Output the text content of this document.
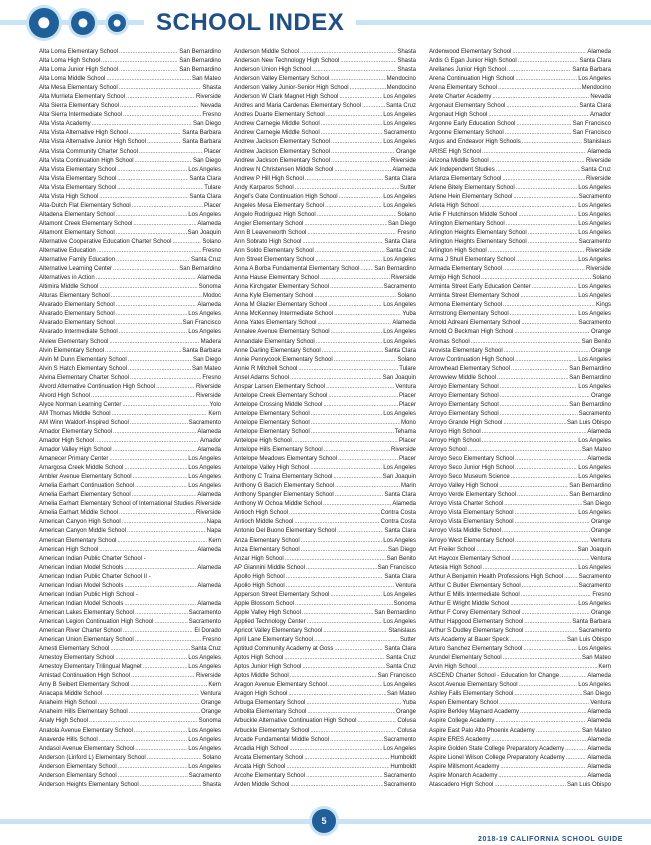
SCHOOL INDEX
Alta Loma Elementary School .....	San Bernardino
Alta Loma High School .....	San Bernardino
Alta Loma Junior High School .....	San Bernardino
Alta Loma Middle School .....	San Mateo
Alta Mesa Elementary School .....	Shasta
Alta Murrieta Elementary School .....	Riverside
Alta Sierra Elementary School .....	Nevada
Alta Sierra Intermediate School .....	Fresno
Alta Vista Academy .....	San Diego
Alta Vista Alternative High School .....	Santa Barbara
Alta Vista Alternative Junior High School .....	Santa Barbara
Alta Vista Community Charter School .....	Placer
Alta Vista Continuation High School .....	San Diego
Alta Vista Elementary School .....	Los Angeles
Alta Vista Elementary School .....	Santa Clara
Alta Vista Elementary School .....	Tulare
Alta Vista High School .....	Santa Clara
Alta-Dutch Flat Elementary School .....	Placer
Altadena Elementary School .....	Los Angeles
Altamont Creek Elementary School .....	Alameda
Altamont Elementary School .....	San Joaquin
Alternative Cooperative Education Charter School .....	Solano
Alternative Education .....	Fresno
Alternative Family Education .....	Santa Cruz
Alternative Learning Center .....	San Bernardino
Alternatives in Action .....	Alameda
Altimira Middle School .....	Sonoma
Alturas Elementary School .....	Modoc
Alvarado Elementary School .....	Alameda
Alvarado Elementary School .....	Los Angeles
Alvarado Elementary School .....	San Francisco
Alvarado Intermediate School .....	Los Angeles
Alview Elementary School .....	Madera
Alvin Elementary School .....	Santa Barbara
Alvin M Dunn Elementary School .....	San Diego
Alvin S Hatch Elementary School .....	San Mateo
Alvina Elementary Charter School .....	Fresno
Alvord Alternative Continuation High School .....	Riverside
Alvord High School .....	Riverside
Alyce Norman Learning Center .....	Yolo
AM Thomas Middle School .....	Kern
AM Winn Waldorf-Inspired School .....	Sacramento
Amador Elementary School .....	Alameda
Amador High School .....	Amador
Amador Valley High School .....	Alameda
Amanecer Primary Center .....	Los Angeles
Amargosa Creek Middle School .....	Los Angeles
Ambler Avenue Elementary School .....	Los Angeles
Amelia Earhart Continuation School .....	Los Angeles
Amelia Earhart Elementary School .....	Alameda
Amelia Earhart Elementary School of International Studies ..... Riverside
Amelia Earhart Middle School .....	Riverside
American Canyon High School .....	Napa
American Canyon Middle School .....	Napa
American Elementary School .....	Kern
American High School .....	Alameda
American Indian Public Charter School -
American Indian Model Schools .....	Alameda
American Indian Public Charter School II -
American Indian Model Schools .....	Alameda
American Indian Public High School -
American Indian Model Schools .....	Alameda
American Lakes Elementary School .....	Sacramento
American Legion Continuation High School .....	Sacramento
American River Charter School .....	El Dorado
American Union Elementary School .....	Fresno
Amesti Elementary School .....	Santa Cruz
Amestoy Elementary School .....	Los Angeles
Amestoy Elementary Trilingual Magnet .....	Los Angeles
Amistad Continuation High School .....	Riverside
Amy B Seibert Elementary School .....	Kern
Anacapa Middle School .....	Ventura
Anaheim High School .....	Orange
Anaheim Hills Elementary School .....	Orange
Analy High School .....	Sonoma
Anatola Avenue Elementary School .....	Los Angeles
Anaverde Hills School .....	Los Angeles
Andasol Avenue Elementary School .....	Los Angeles
Anderson (Linford L) Elementary School .....	Solano
Anderson Elementary School .....	Los Angeles
Anderson Elementary School .....	Sacramento
Anderson Heights Elementary School .....	Shasta
Anderson Middle School .....	Shasta
Anderson New Technology High School .....	Shasta
Anderson Union High School .....	Shasta
Anderson Valley Elementary School .....	Mendocino
Anderson Valley Junior-Senior High School .....	Mendocino
Anderson W Clark Magnet High School .....	Los Angeles
Andres and Maria Cardenas Elementary School .....	Santa Cruz
Andres Duarte Elementary School .....	Los Angeles
Andrew Carnegie Middle School .....	Los Angeles
Andrew Carnegie Middle School .....	Sacramento
Andrew Jackson Elementary School .....	Los Angeles
Andrew Jackson Elementary School .....	Orange
Andrew Jackson Elementary School .....	Riverside
Andrew N Christensen Middle School .....	Alameda
Andrew P Hill High School .....	Santa Clara
Andy Karparos School .....	Sutter
Angel's Gate Continuation High School .....	Los Angeles
Angeles Mesa Elementary School .....	Los Angeles
Angelo Rodriguez High School .....	Solano
Angier Elementary School .....	San Diego
Ann B Leavenworth School .....	Fresno
Ann Sobrato High School .....	Santa Clara
Ann Soldo Elementary School .....	Santa Cruz
Ann Street Elementary School .....	Los Angeles
Anna A Borba Fundamental Elementary School ..... San Bernardino
Anna Hause Elementary School .....	Riverside
Anna Kirchgater Elementary School .....	Sacramento
Anna Kyle Elementary School .....	Solano
Anna M Glazier Elementary School .....	Los Angeles
Anna McKenney Intermediate School .....	Yuba
Anna Yates Elementary School .....	Alameda
Annalee Avenue Elementary School .....	Los Angeles
Annandale Elementary School .....	Los Angeles
Anne Darling Elementary School .....	Santa Clara
Annie Pennycook Elementary School .....	Solano
Annie R Mitchell School .....	Tulare
Ansel Adams School .....	San Joaquin
Anspar Larsen Elementary School .....	Ventura
Antelope Creek Elementary School .....	Placer
Antelope Crossing Middle School .....	Placer
Antelope Elementary School .....	Los Angeles
Antelope Elementary School .....	Mono
Antelope Elementary School .....	Tehama
Antelope High School .....	Placer
Antelope Hills Elementary School .....	Riverside
Antelope Meadows Elementary School .....	Placer
Antelope Valley High School .....	Los Angeles
Anthony C Traina Elementary School .....	San Joaquin
Anthony G Bacich Elementary School .....	Marin
Anthony Spangler Elementary School .....	Santa Clara
Anthony W Ochoa Middle School .....	Alameda
Antioch High School .....	Contra Costa
Antioch Middle School .....	Contra Costa
Antonio Del Buono Elementary School .....	Santa Clara
Anza Elementary School .....	Los Angeles
Anza Elementary School .....	San Diego
Anzar High School .....	San Benito
AP Giannini Middle School .....	San Francisco
Apollo High School .....	Santa Clara
Apollo High School .....	Ventura
Apperson Street Elementary School .....	Los Angeles
Apple Blossom School .....	Sonoma
Apple Valley High School .....	San Bernardino
Applied Technology Center .....	Los Angeles
Apricot Valley Elementary School .....	Stanislaus
April Lane Elementary School .....	Sutter
Aptitud Community Academy at Goss .....	Santa Clara
Aptos High School .....	Santa Cruz
Aptos Junior High School .....	Santa Cruz
Aptos Middle School .....	San Francisco
Aragon Avenue Elementary School .....	Los Angeles
Aragon High School .....	San Mateo
Arbuga Elementary School .....	Yuba
Arbolita Elementary School .....	Orange
Arbuckle Alternative Continuation High School .....	Colusa
Arbuckle Elementary School .....	Colusa
Arcade Fundamental Middle School .....	Sacramento
Arcadia High School .....	Los Angeles
Arcata Elementary School .....	Humboldt
Arcata High School .....	Humboldt
Arcohe Elementary School .....	Sacramento
Arden Middle School .....	Sacramento
Ardenwood Elementary School .....	Alameda
Ardis G Egan Junior High School .....	Santa Clara
Arellanes Junior High School .....	Santa Barbara
Arena Continuation High School .....	Los Angeles
Arena Elementary School .....	Mendocino
Arete Charter Academy .....	Nevada
Argonaut Elementary School .....	Santa Clara
Argonaut High School .....	Amador
Argonne Early Education School .....	San Francisco
Argonne Elementary School .....	San Francisco
Argus and Endeavor High Schools .....	Stanislaus
ARISE High School .....	Alameda
Arizona Middle School .....	Riverside
Ark Independent Studies .....	Santa Cruz
Arlanza Elementary School .....	Riverside
Arlene Bitely Elementary School .....	Los Angeles
Arlene Hein Elementary School .....	Sacramento
Arleta High School .....	Los Angeles
Arlie F Hutchinson Middle School .....	Los Angeles
Arlington Elementary School .....	Los Angeles
Arlington Heights Elementary School .....	Los Angeles
Arlington Heights Elementary School .....	Sacramento
Arlington High School .....	Riverside
Arma J Shull Elementary School .....	Los Angeles
Armada Elementary School .....	Riverside
Armijo High School .....	Solano
Arminta Street Early Education Center .....	Los Angeles
Arminta Street Elementary School .....	Los Angeles
Armona Elementary School .....	Kings
Armstrong Elementary School .....	Los Angeles
Arnold Adreani Elementary School .....	Sacramento
Arnold O Beckman High School .....	Orange
Aromas School .....	San Benito
Arovista Elementary School .....	Orange
Arrow Continuation High School .....	Los Angeles
Arrowhead Elementary School .....	San Bernardino
Arrowview Middle School .....	San Bernardino
Arroyo Elementary School .....	Los Angeles
Arroyo Elementary School .....	Orange
Arroyo Elementary School .....	San Bernardino
Arroyo Elementary School .....	Sacramento
Arroyo Grande High School .....	San Luis Obispo
Arroyo High School .....	Alameda
Arroyo High School .....	Los Angeles
Arroyo School .....	San Mateo
Arroyo Seco Elementary School .....	Alameda
Arroyo Seco Junior High School .....	Los Angeles
Arroyo Seco Museum Science .....	Los Angeles
Arroyo Valley High School .....	San Bernardino
Arroyo Verde Elementary School .....	San Bernardino
Arroyo Vista Charter School .....	San Diego
Arroyo Vista Elementary School .....	Los Angeles
Arroyo Vista Elementary School .....	Orange
Arroyo Vista Middle School .....	Orange
Arroyo West Elementary School .....	Ventura
Art Freiler School .....	San Joaquin
Art Haycox Elementary School .....	Ventura
Artesia High School .....	Los Angeles
Arthur A Benjamin Health Professions High School .....	Sacramento
Arthur C Butler Elementary School .....	Sacramento
Arthur E Mills Intermediate School .....	Fresno
Arthur E Wright Middle School .....	Los Angeles
Arthur F Corey Elementary School .....	Orange
Arthur Hapgood Elementary School .....	Santa Barbara
Arthur S Dudley Elementary School .....	Sacramento
Arts Academy at Bauer Speck .....	San Luis Obispo
Arturo Sanchez Elementary School .....	Los Angeles
Arundel Elementary School .....	San Mateo
Arvin High School .....	Kern
ASCEND Charter School - Education for Change .....	Alameda
Ascot Avenue Elementary School .....	Los Angeles
Ashley Falls Elementary School .....	San Diego
Aspen Elementary School .....	Ventura
Aspire Berkley Maynard Academy .....	Alameda
Aspire College Academy .....	Alameda
Aspire East Palo Alto Phoenix Academy .....	San Mateo
Aspire ERES Academy .....	Alameda
Aspire Golden State College Preparatory Academy .....	Alameda
Aspire Lionel Wilson College Preparatory Academy .....	Alameda
Aspire Millsmont Academy .....	Alameda
Aspire Monarch Academy .....	Alameda
Atascadero High School .....	San Luis Obispo
5
2018-19 CALIFORNIA SCHOOL GUIDE
